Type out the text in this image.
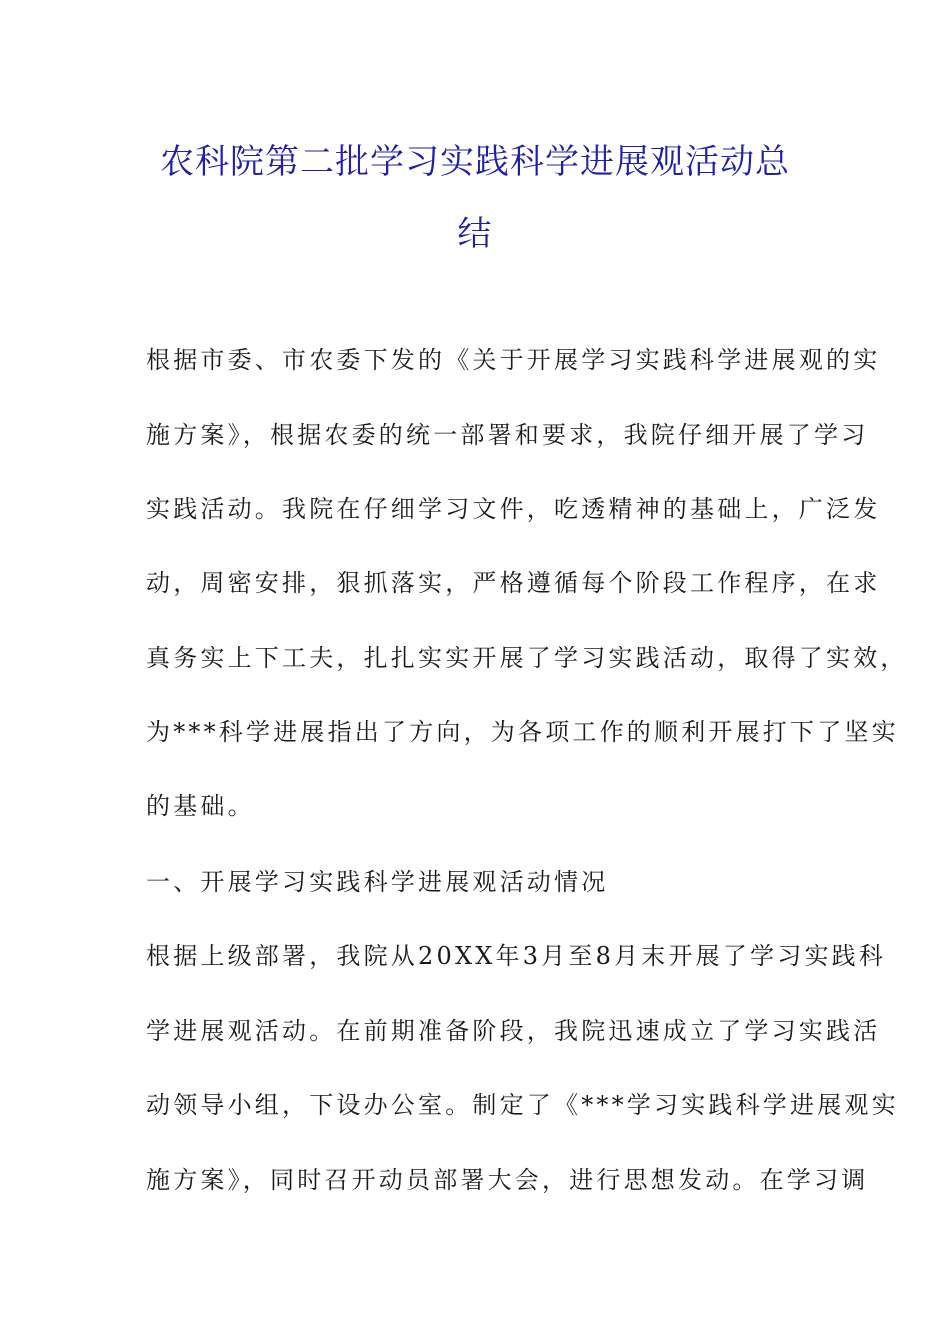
农科院第二批学习实践科学进展观活动总
结
根据市委、市农委下发的《关于开展学习实践科学进展观的实
施方案》，根据农委的统一部署和要求，我院仔细开展了学习
实践活动。我院在仔细学习文件，吃透精神的基础上，广泛发
动，周密安排，狠抓落实，严格遵循每个阶段工作程序，在求
真务实上下工夫，扎扎实实开展了学习实践活动，取得了实效，
为***科学进展指出了方向，为各项工作的顺利开展打下了坚实
的基础。
一、开展学习实践科学进展观活动情况
根据上级部署，我院从20XX年3月至8月末开展了学习实践科
学进展观活动。在前期准备阶段，我院迅速成立了学习实践活
动领导小组，下设办公室。制定了《***学习实践科学进展观实
施方案》，同时召开动员部署大会，进行思想发动。在学习调
